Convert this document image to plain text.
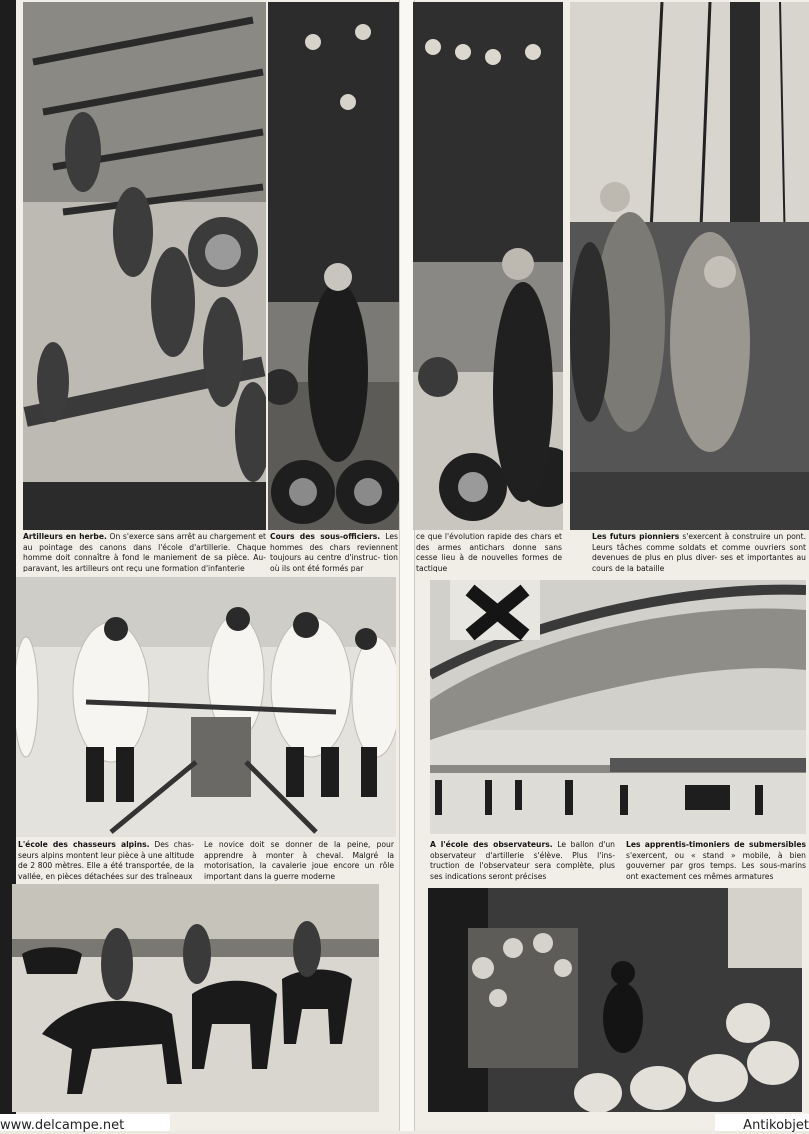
Artilleurs en herbe. On s'exerce sans arrêt au chargement et au pointage des canons dans l'école d'artillerie. Chaque homme doit connaître à fond le maniement de sa pièce. Au- paravant, les artilleurs ont reçu une formation d'infanterie
Cours des sous-officiers. Les hommes des chars reviennent toujours au centre d'instruc- tion où ils ont été formés par
ce que l'évolution rapide des chars et des armes antichars donne sans cesse lieu à de nouvelles formes de tactique
Les futurs pionniers s'exercent à construire un pont. Leurs tâches comme soldats et comme ouvriers sont devenues de plus en plus diver- ses et importantes au cours de la bataille
L'école des chasseurs alpins. Des chas- seurs alpins montent leur pièce à une altitude de 2 800 mètres. Elle a été transportée, de la vallée, en pièces détachées sur des traîneaux
Le novice doit se donner de la peine, pour apprendre à monter à cheval. Malgré la motorisation, la cavalerie joue encore un rôle important dans la guerre moderne
A l'école des observateurs. Le ballon d'un observateur d'artillerie s'élève. Plus l'ins- truction de l'observateur sera complète, plus ses indications seront précises
Les apprentis-timoniers de submersibles s'exercent, ou « stand » mobile, à bien gouverner par gros temps. Les sous-marins ont exactement ces mêmes armatures
www.delcampe.net	Antikobjet
